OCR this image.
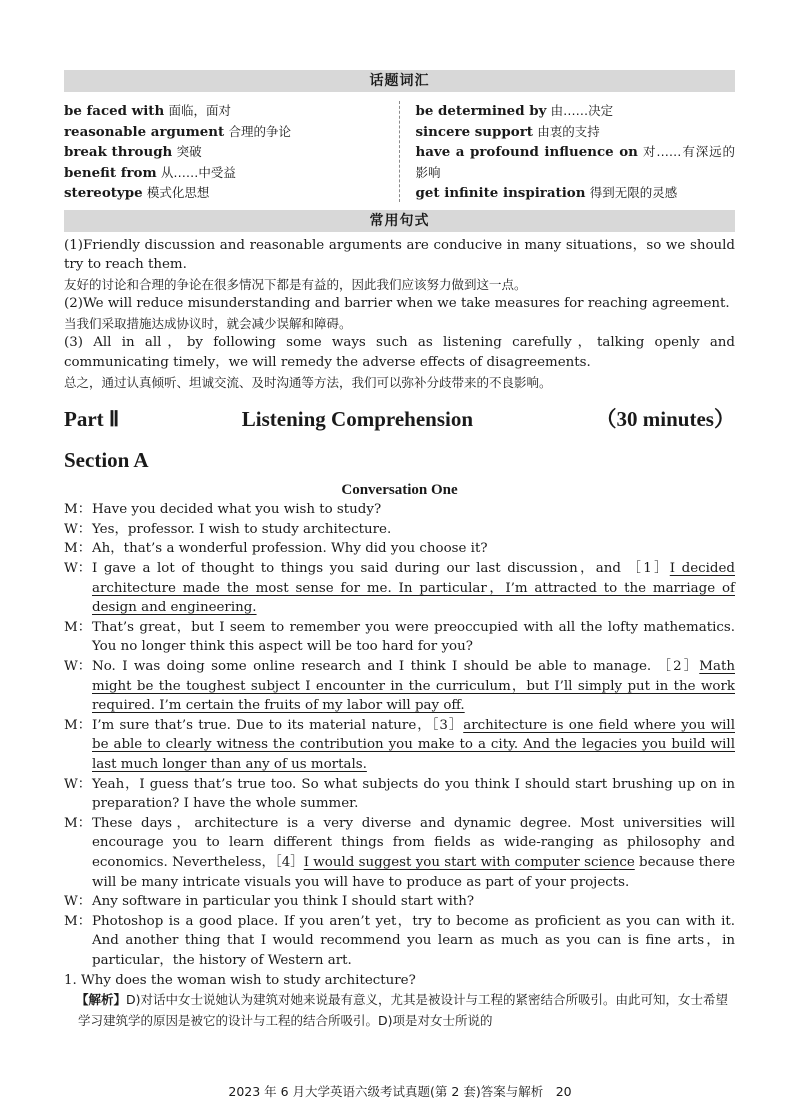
话题词汇
be faced with 面临，面对
reasonable argument 合理的争论
break through 突破
benefit from 从……中受益
stereotype 模式化思想
be determined by 由……决定
sincere support 由衷的支持
have a profound influence on 对……有深远的影响
get infinite inspiration 得到无限的灵感
常用句式

(1)Friendly discussion and reasonable arguments are conducive in many situations，so we should try to reach them.

友好的讨论和合理的争论在很多情况下都是有益的，因此我们应该努力做到这一点。

(2)We will reduce misunderstanding and barrier when we take measures for reaching agreement.

当我们采取措施达成协议时，就会减少误解和障碍。

(3) All in all，by following some ways such as listening carefully，talking openly and communicating timely，we will remedy the adverse effects of disagreements.

总之，通过认真倾听、坦诚交流、及时沟通等方法，我们可以弥补分歧带来的不良影响。

Part Ⅱ	Listening Comprehension	（30 minutes）
Section A
Conversation One
M： Have you decided what you wish to study?
W： Yes，professor. I wish to study architecture.
M： Ah，that’s a wonderful profession. Why did you choose it?
W： I gave a lot of thought to things you said during our last discussion，and ［1］I decided architecture made the most sense for me. In particular，I’m attracted to the marriage of design and engineering.
M： That’s great，but I seem to remember you were preoccupied with all the lofty mathematics. You no longer think this aspect will be too hard for you?
W： No. I was doing some online research and I think I should be able to manage. ［2］Math might be the toughest subject I encounter in the curriculum，but I’ll simply put in the work required. I’m certain the fruits of my labor will pay off.
M： I’m sure that’s true. Due to its material nature，［3］architecture is one field where you will be able to clearly witness the contribution you make to a city. And the legacies you build will last much longer than any of us mortals.
W： Yeah，I guess that’s true too. So what subjects do you think I should start brushing up on in preparation? I have the whole summer.
M： These days，architecture is a very diverse and dynamic degree. Most universities will encourage you to learn different things from fields as wide-ranging as philosophy and economics. Nevertheless，［4］I would suggest you start with computer science because there will be many intricate visuals you will have to produce as part of your projects.
W： Any software in particular you think I should start with?
M： Photoshop is a good place. If you aren’t yet，try to become as proficient as you can with it. And another thing that I would recommend you learn as much as you can is fine arts，in particular，the history of Western art.
1. Why does the woman wish to study architecture?
【解析】D)对话中女士说她认为建筑对她来说最有意义，尤其是被设计与工程的紧密结合所吸引。由此可知，女士希望学习建筑学的原因是被它的设计与工程的结合所吸引。D)项是对女士所说的
2023 年 6 月大学英语六级考试真题(第 2 套)答案与解析　20
